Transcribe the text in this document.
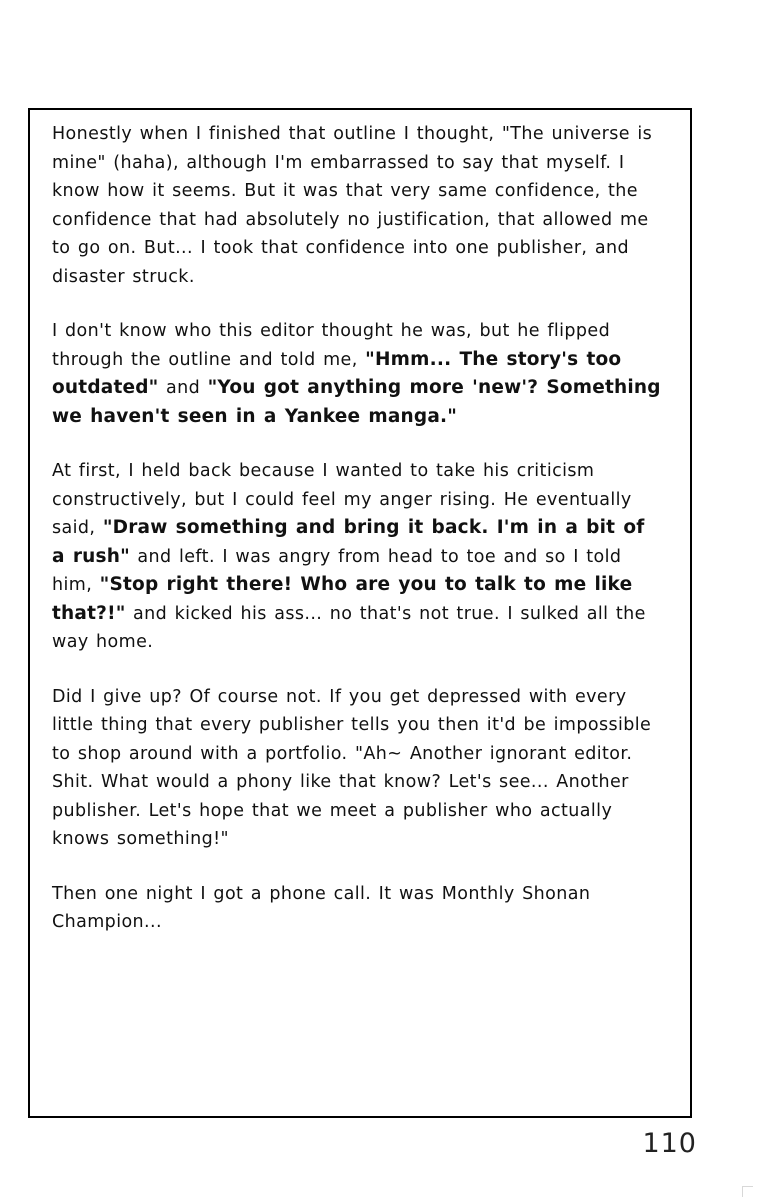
Honestly when I finished that outline I thought, "The universe is mine" (haha), although I'm embarrassed to say that myself. I know how it seems. But it was that very same confidence, the confidence that had absolutely no justification, that allowed me to go on. But... I took that confidence into one publisher, and disaster struck.

I don't know who this editor thought he was, but he flipped through the outline and told me, "Hmm... The story's too outdated" and "You got anything more 'new'? Something we haven't seen in a Yankee manga."

At first, I held back because I wanted to take his criticism constructively, but I could feel my anger rising. He eventually said, "Draw something and bring it back. I'm in a bit of a rush" and left. I was angry from head to toe and so I told him, "Stop right there! Who are you to talk to me like that?!" and kicked his ass... no that's not true. I sulked all the way home.

Did I give up? Of course not. If you get depressed with every little thing that every publisher tells you then it'd be impossible to shop around with a portfolio. "Ah~ Another ignorant editor. Shit. What would a phony like that know? Let's see... Another publisher. Let's hope that we meet a publisher who actually knows something!"

Then one night I got a phone call. It was Monthly Shonan Champion...

110
